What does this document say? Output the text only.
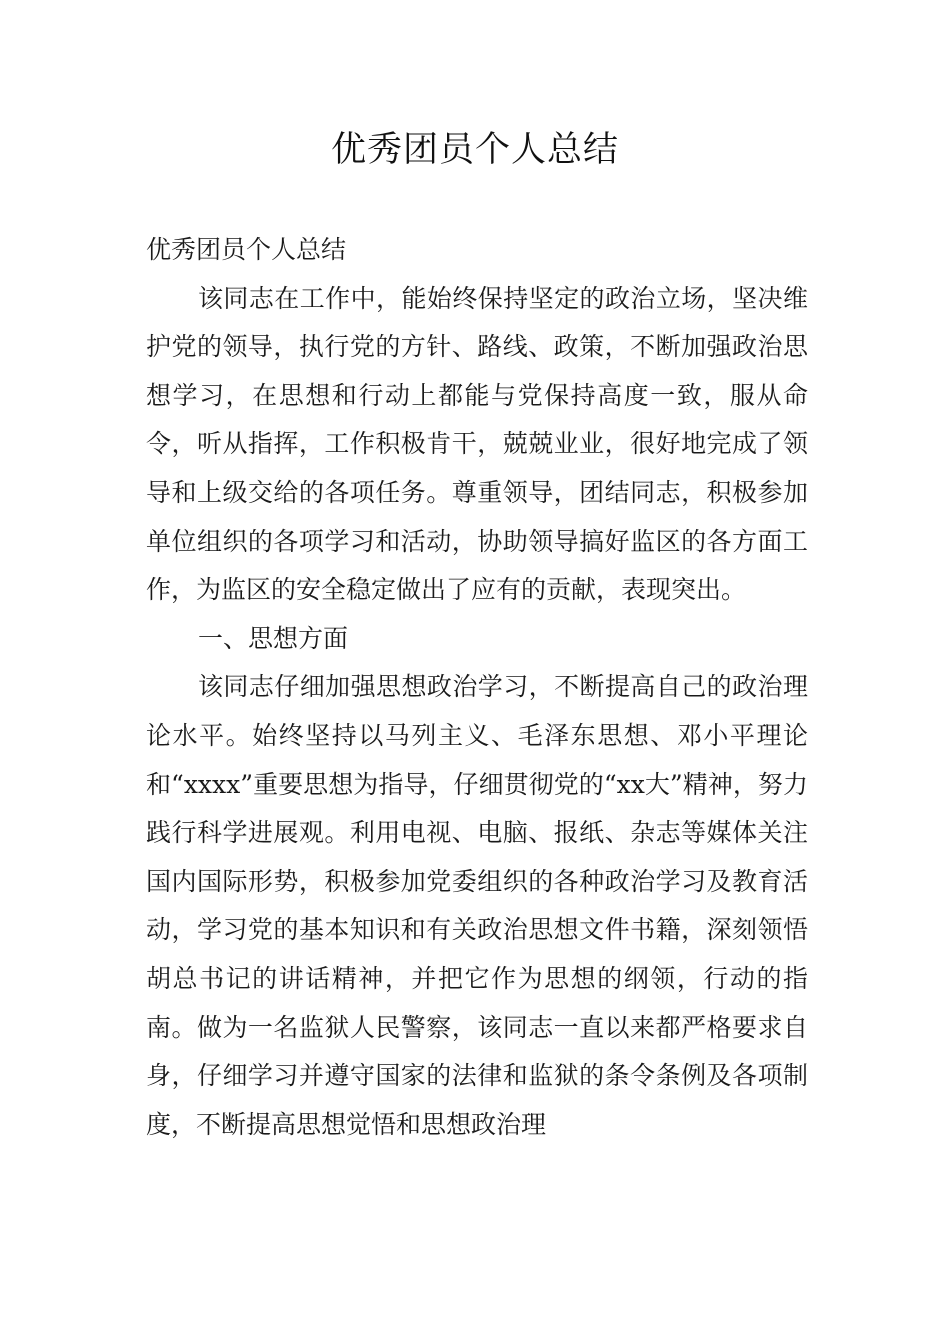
优秀团员个人总结

优秀团员个人总结

该同志在工作中，能始终保持坚定的政治立场，坚决维护党的领导，执行党的方针、路线、政策，不断加强政治思想学习，在思想和行动上都能与党保持高度一致，服从命令，听从指挥，工作积极肯干，兢兢业业，很好地完成了领导和上级交给的各项任务。尊重领导，团结同志，积极参加单位组织的各项学习和活动，协助领导搞好监区的各方面工作，为监区的安全稳定做出了应有的贡献，表现突出。

一、思想方面

该同志仔细加强思想政治学习，不断提高自己的政治理论水平。始终坚持以马列主义、毛泽东思想、邓小平理论和“xxxx”重要思想为指导，仔细贯彻党的“xx大”精神，努力践行科学进展观。利用电视、电脑、报纸、杂志等媒体关注国内国际形势，积极参加党委组织的各种政治学习及教育活动，学习党的基本知识和有关政治思想文件书籍，深刻领悟胡总书记的讲话精神，并把它作为思想的纲领，行动的指南。做为一名监狱人民警察，该同志一直以来都严格要求自身，仔细学习并遵守国家的法律和监狱的条令条例及各项制度，不断提高思想觉悟和思想政治理
